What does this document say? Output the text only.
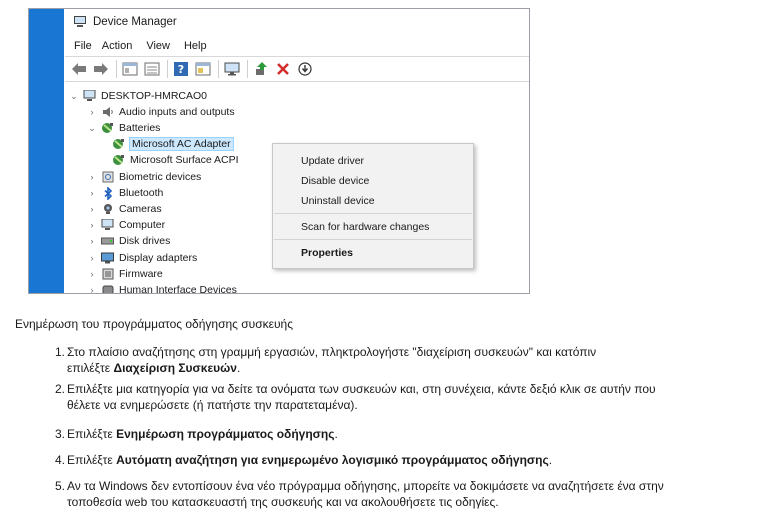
Device Manager
File Action	View	Help
?
⌄ DESKTOP-HMRCAO0
›	Audio inputs and outputs
⌄ Batteries
Microsoft AC Adapter
Microsoft Surface ACPI
›	Biometric devices
›	Bluetooth
›	Cameras
›	Computer
›	Disk drives
›	Display adapters
›	Firmware
›	Human Interface Devices
Update driver
Disable device
Uninstall device
Scan for hardware changes
Properties
Ενημέρωση του προγράμματος οδήγησης συσκευής
1. Στο πλαίσιο αναζήτησης στη γραμμή εργασιών, πληκτρολογήστε "διαχείριση συσκευών" και κατόπιν
επιλέξτε Διαχείριση Συσκευών.
2. Επιλέξτε μια κατηγορία για να δείτε τα ονόματα των συσκευών και, στη συνέχεια, κάντε δεξιό κλικ σε αυτήν που
θέλετε να ενημερώσετε (ή πατήστε την παρατεταμένα).
3. Επιλέξτε Ενημέρωση προγράμματος οδήγησης.
4. Επιλέξτε Αυτόματη αναζήτηση για ενημερωμένο λογισμικό προγράμματος οδήγησης.
5. Αν τα Windows δεν εντοπίσουν ένα νέο πρόγραμμα οδήγησης, μπορείτε να δοκιμάσετε να αναζητήσετε ένα στην
τοποθεσία web του κατασκευαστή της συσκευής και να ακολουθήσετε τις οδηγίες.
